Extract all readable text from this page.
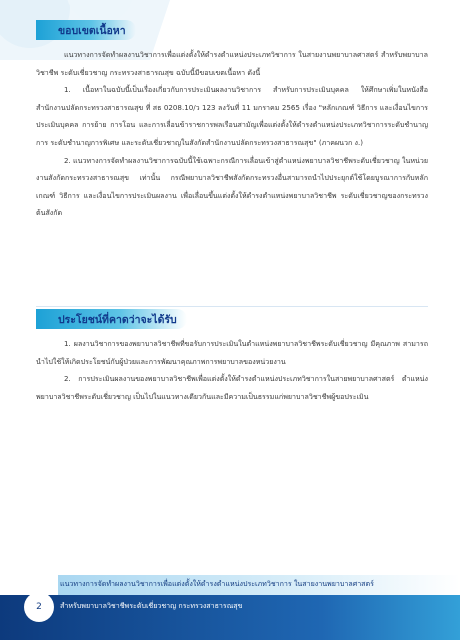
ขอบเขตเนื้อหา

แนวทางการจัดทำผลงานวิชาการเพื่อแต่งตั้งให้ดำรงตำแหน่งประเภทวิชาการ ในสายงานพยาบาลศาสตร์ สำหรับพยาบาลวิชาชีพ ระดับเชี่ยวชาญ กระทรวงสาธารณสุข ฉบับนี้มีขอบเขตเนื้อหา ดังนี้

1. เนื้อหาในฉบับนี้เป็นเรื่องเกี่ยวกับการประเมินผลงานวิชาการ สำหรับการประเมินบุคคล ให้ศึกษาเพิ่มในหนังสือสำนักงานปลัดกระทรวงสาธารณสุข ที่ สธ 0208.10/ว 123 ลงวันที่ 11 มกราคม 2565 เรื่อง "หลักเกณฑ์ วิธีการ และเงื่อนไขการประเมินบุคคล การย้าย การโอน และการเลื่อนข้าราชการพลเรือนสามัญเพื่อแต่งตั้งให้ดำรงตำแหน่งประเภทวิชาการระดับชำนาญการ ระดับชำนาญการพิเศษ และระดับเชี่ยวชาญในสังกัดสำนักงานปลัดกระทรวงสาธารณสุข" (ภาคผนวก ง.)

2. แนวทางการจัดทำผลงานวิชาการฉบับนี้ใช้เฉพาะกรณีการเลื่อนเข้าสู่ตำแหน่งพยาบาลวิชาชีพระดับเชี่ยวชาญ ในหน่วยงานสังกัดกระทรวงสาธารณสุข เท่านั้น กรณีพยาบาลวิชาชีพสังกัดกระทรวงอื่นสามารถนำไปประยุกต์ใช้โดยบูรณาการกับหลักเกณฑ์ วิธีการ และเงื่อนไขการประเมินผลงาน เพื่อเลื่อนขึ้นแต่งตั้งให้ดำรงตำแหน่งพยาบาลวิชาชีพ ระดับเชี่ยวชาญของกระทรวงต้นสังกัด

ประโยชน์ที่คาดว่าจะได้รับ

1. ผลงานวิชาการของพยาบาลวิชาชีพที่ขอรับการประเมินในตำแหน่งพยาบาลวิชาชีพระดับเชี่ยวชาญ มีคุณภาพ สามารถนำไปใช้ให้เกิดประโยชน์กับผู้ป่วยและการพัฒนาคุณภาพการพยาบาลของหน่วยงาน

2. การประเมินผลงานของพยาบาลวิชาชีพเพื่อแต่งตั้งให้ดำรงตำแหน่งประเภทวิชาการในสายพยาบาลศาสตร์ ตำแหน่งพยาบาลวิชาชีพระดับเชี่ยวชาญ เป็นไปในแนวทางเดียวกันและมีความเป็นธรรมแก่พยาบาลวิชาชีพผู้ขอประเมิน

แนวทางการจัดทำผลงานวิชาการเพื่อแต่งตั้งให้ดำรงตำแหน่งประเภทวิชาการ ในสายงานพยาบาลศาสตร์
สำหรับพยาบาลวิชาชีพระดับเชี่ยวชาญ กระทรวงสาธารณสุข
2
